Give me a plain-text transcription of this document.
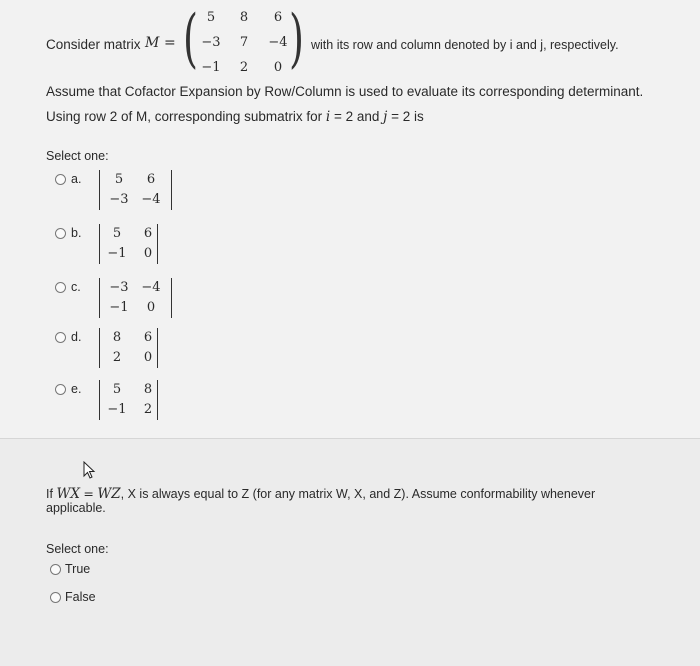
Consider matrix M = ( )
5	8	6
−3	7	−4
−1	2	0
with its row and column denoted by i and j, respectively.
Assume that Cofactor Expansion by Row/Column is used to evaluate its corresponding determinant.
Using row 2 of M, corresponding submatrix for i = 2 and j = 2 is
Select one:
a.	5	6
−3 −4
b.	5	6
−1	0
c. −3 −4
−1	0
d.	8	6
2	0
e.	5	8
−1	2
If WX = WZ, X is always equal to Z (for any matrix W, X, and Z). Assume conformability whenever
applicable.
Select one:
True
False
